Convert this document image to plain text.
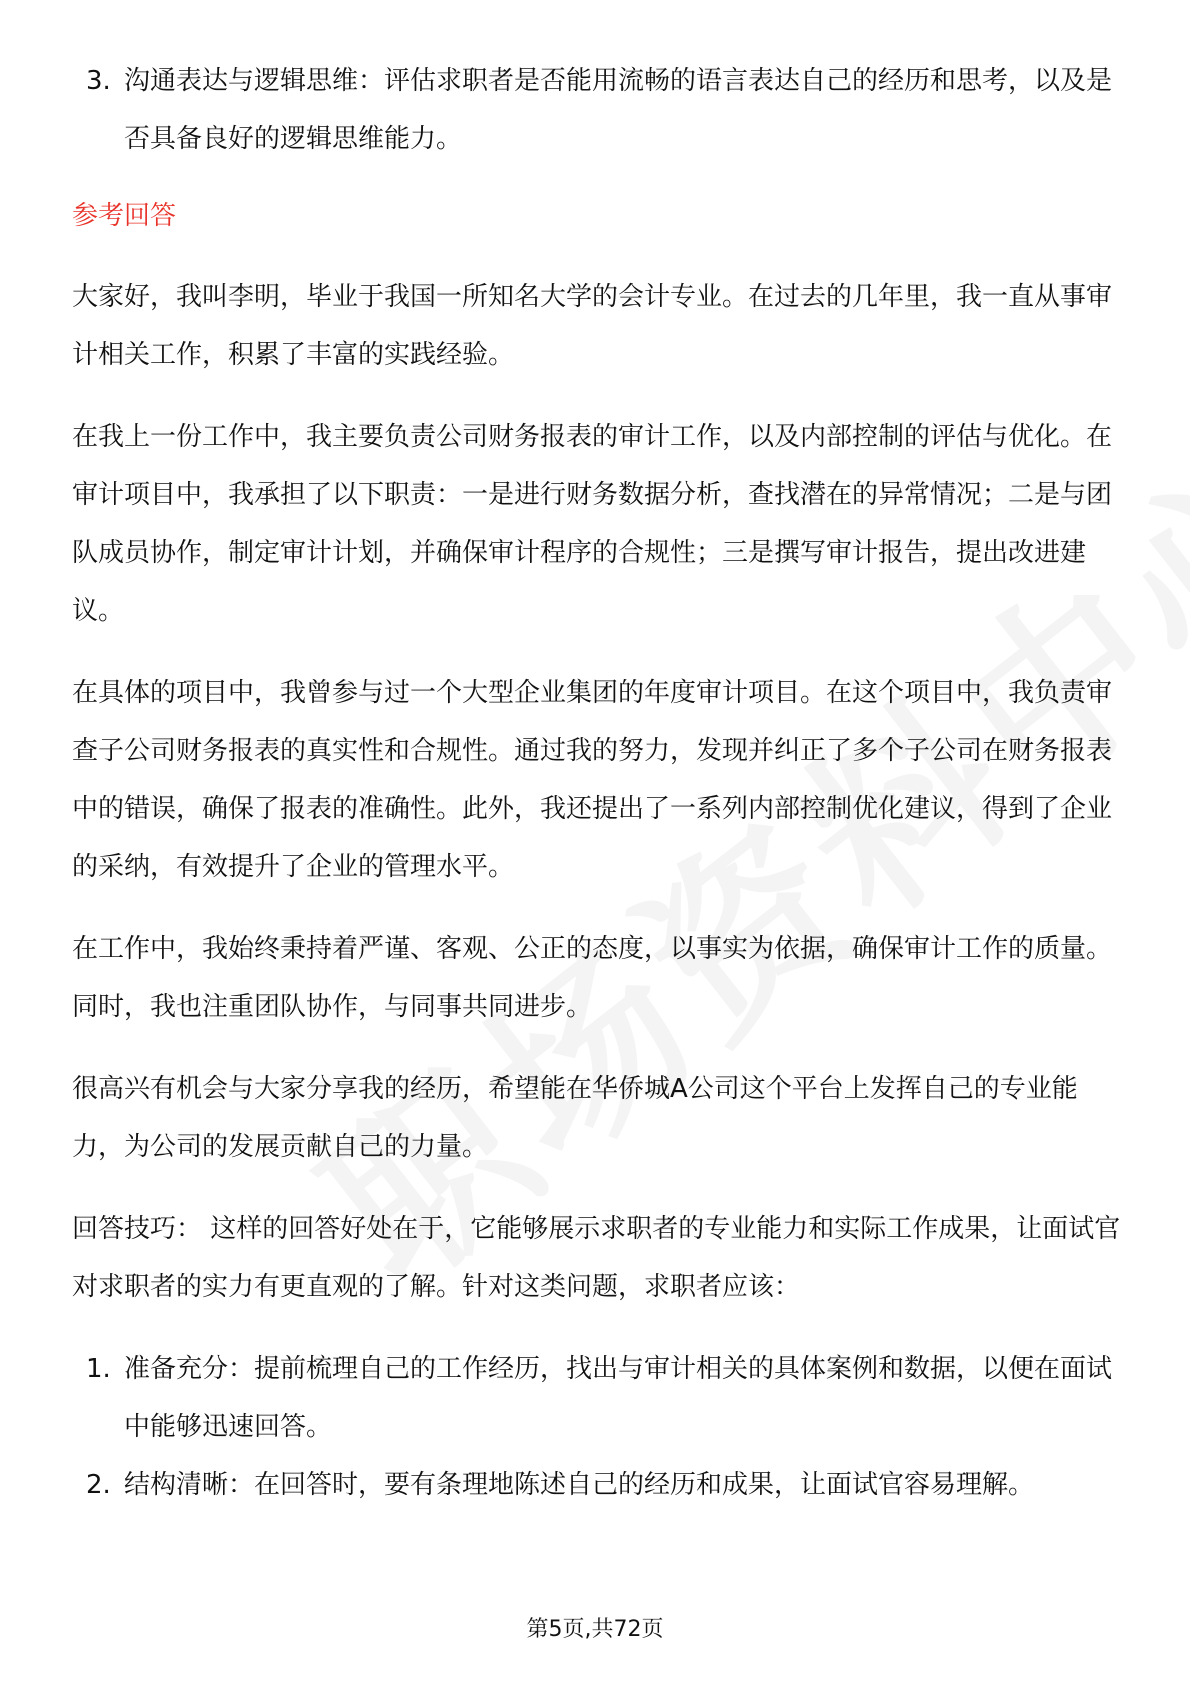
3. 沟通表达与逻辑思维：评估求职者是否能用流畅的语言表达自己的经历和思考，以及是否具备良好的逻辑思维能力。
参考回答

大家好，我叫李明，毕业于我国一所知名大学的会计专业。在过去的几年里，我一直从事审计相关工作，积累了丰富的实践经验。

在我上一份工作中，我主要负责公司财务报表的审计工作，以及内部控制的评估与优化。在审计项目中，我承担了以下职责：一是进行财务数据分析，查找潜在的异常情况；二是与团队成员协作，制定审计计划，并确保审计程序的合规性；三是撰写审计报告，提出改进建议。

在具体的项目中，我曾参与过一个大型企业集团的年度审计项目。在这个项目中，我负责审查子公司财务报表的真实性和合规性。通过我的努力，发现并纠正了多个子公司在财务报表中的错误，确保了报表的准确性。此外，我还提出了一系列内部控制优化建议，得到了企业的采纳，有效提升了企业的管理水平。

在工作中，我始终秉持着严谨、客观、公正的态度，以事实为依据，确保审计工作的质量。同时，我也注重团队协作，与同事共同进步。

很高兴有机会与大家分享我的经历，希望能在华侨城A公司这个平台上发挥自己的专业能力，为公司的发展贡献自己的力量。

回答技巧： 这样的回答好处在于，它能够展示求职者的专业能力和实际工作成果，让面试官对求职者的实力有更直观的了解。针对这类问题，求职者应该：

1. 准备充分：提前梳理自己的工作经历，找出与审计相关的具体案例和数据，以便在面试中能够迅速回答。
2. 结构清晰：在回答时，要有条理地陈述自己的经历和成果，让面试官容易理解。
第5页,共72页
